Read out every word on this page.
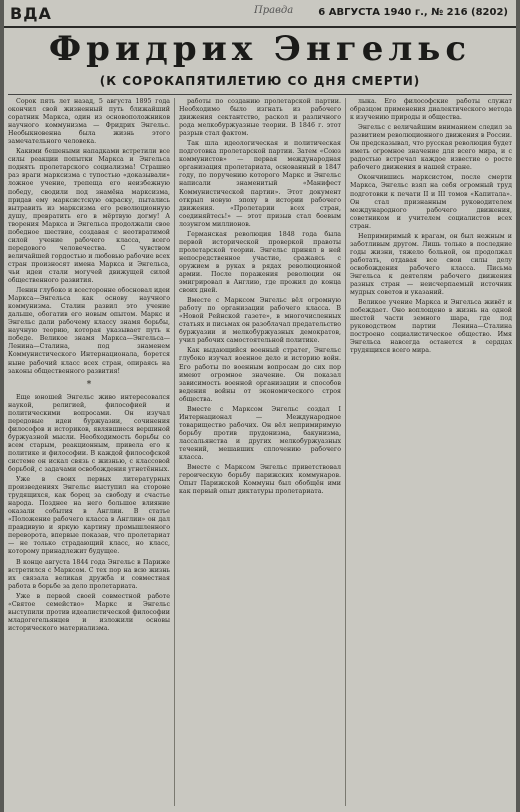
ВДА	Правда	6 АВГУСТА 1940 г., № 216 (8202)
Фридрих Энгельс
(К СОРОКАПЯТИЛЕТИЮ СО ДНЯ СМЕРТИ)

Сорок пять лет назад, 5 августа 1895 года окончил свой жизненный путь ближайший соратник Маркса, один из основоположников научного коммунизма — Фридрих Энгельс. Необыкновенна была жизнь этого замечательного человека.

Какими бешеными нападками встретили все силы реакции попытки Маркса и Энгельса поднять пролетарского социализма! Страшно раз враги марксизма с тупостью «доказывали» ложное учение, трепеща его неизбежную победу, сводили под знамёна марксизма, придав ему марксистскую окраску, пытались вытравить из марксизма его революционную душу, превратить его в мёртвую догму! А творения Маркса и Энгельса продолжали свое победное шествие, создавая с неотвратимой силой учение рабочего класса, всего передового человечества. С чувством величайшей гордостью и любовью рабочие всех стран произносят имена Маркса и Энгельса, чьи идеи стали могучей движущей силой общественного развития.

Ленин глубоко и всесторонне обосновал идеи Маркса—Энгельса как основу научного коммунизма. Сталин развил это учение дальше, обогатив его новым опытом. Маркс и Энгельс дали рабочему классу знамя борьбы, научную теорию, которая указывает путь к победе. Великое знамя Маркса—Энгельса—Ленина—Сталина, под знаменем Коммунистического Интернационала, борется ныне рабочий класс всех стран, опираясь на законы общественного развития!

*

Еще юношей Энгельс живо интересовался наукой, религией, философией и политическими вопросами. Он изучал передовые идеи буржуазии, сочинения философов и историков, являвшиеся вершиной буржуазной мысли. Необходимость борьбы со всем старым, реакционным, привела его к политике и философии. В каждой философской системе он искал связь с жизнью, с классовой борьбой, с задачами освобождения угнетённых.

Уже в своих первых литературных произведениях Энгельс выступил на стороне трудящихся, как борец за свободу и счастье народа. Позднее на него большое влияние оказали события в Англии. В статье «Положение рабочего класса в Англии» он дал правдивую и яркую картину промышленного переворота, впервые показав, что пролетариат — не только страдающий класс, но класс, которому принадлежит будущее.

В конце августа 1844 года Энгельс в Париже встретился с Марксом. С тех пор на всю жизнь их связала великая дружба и совместная работа в борьбе за дело пролетариата.

Уже в первой своей совместной работе «Святое семейство» Маркс и Энгельс выступили против идеалистической философии младогегельянцев и изложили основы исторического материализма.

работы по созданию пролетарской партии. Необходимо было изгнать из рабочего движения сектантство, раскол и различного рода мелкобуржуазные теории. В 1846 г. этот разрыв стал фактом.

Так шла идеологическая и политическая подготовка пролетарской партии. Затем «Союз коммунистов» — первая международная организация пролетариата, основанный в 1847 году, по поручению которого Маркс и Энгельс написали знаменитый «Манифест Коммунистической партии». Этот документ открыл новую эпоху в истории рабочего движения. «Пролетарии всех стран, соединяйтесь!» — этот призыв стал боевым лозунгом миллионов.

Германская революция 1848 года была первой исторической проверкой правоты пролетарской теории. Энгельс принял в ней непосредственное участие, сражаясь с оружием в руках в рядах революционной армии. После поражения революции он эмигрировал в Англию, где прожил до конца своих дней.

Вместе с Марксом Энгельс вёл огромную работу по организации рабочего класса. В «Новой Рейнской газете», в многочисленных статьях и письмах он разоблачал предательство буржуазии и мелкобуржуазных демократов, учил рабочих самостоятельной политике.

Как выдающийся военный стратег, Энгельс глубоко изучал военное дело и историю войн. Его работы по военным вопросам до сих пор имеют огромное значение. Он показал зависимость военной организации и способов ведения войны от экономического строя общества.

Вместе с Марксом Энгельс создал I Интернационал — Международное товарищество рабочих. Он вёл непримиримую борьбу против прудонизма, бакунизма, лассальянства и других мелкобуржуазных течений, мешавших сплочению рабочего класса.

Вместе с Марксом Энгельс приветствовал героическую борьбу парижских коммунаров. Опыт Парижской Коммуны был обобщён ими как первый опыт диктатуры пролетариата.

лыка. Его философские работы служат образцом применения диалектического метода к изучению природы и общества.

Энгельс с величайшим вниманием следил за развитием революционного движения в России. Он предсказывал, что русская революция будет иметь огромное значение для всего мира, и с радостью встречал каждое известие о росте рабочего движения в нашей стране.

Окончившись марксистом, после смерти Маркса, Энгельс взял на себя огромный труд подготовки к печати II и III томов «Капитала». Он стал признанным руководителем международного рабочего движения, советником и учителем социалистов всех стран.

Непримиримый к врагам, он был нежным и заботливым другом. Лишь только в последние годы жизни, тяжело больной, он продолжал работать, отдавая все свои силы делу освобождения рабочего класса. Письма Энгельса к деятелям рабочего движения разных стран — неисчерпаемый источник мудрых советов и указаний.

Великое учение Маркса и Энгельса живёт и побеждает. Оно воплощено в жизнь на одной шестой части земного шара, где под руководством партии Ленина—Сталина построено социалистическое общество. Имя Энгельса навсегда останется в сердцах трудящихся всего мира.
